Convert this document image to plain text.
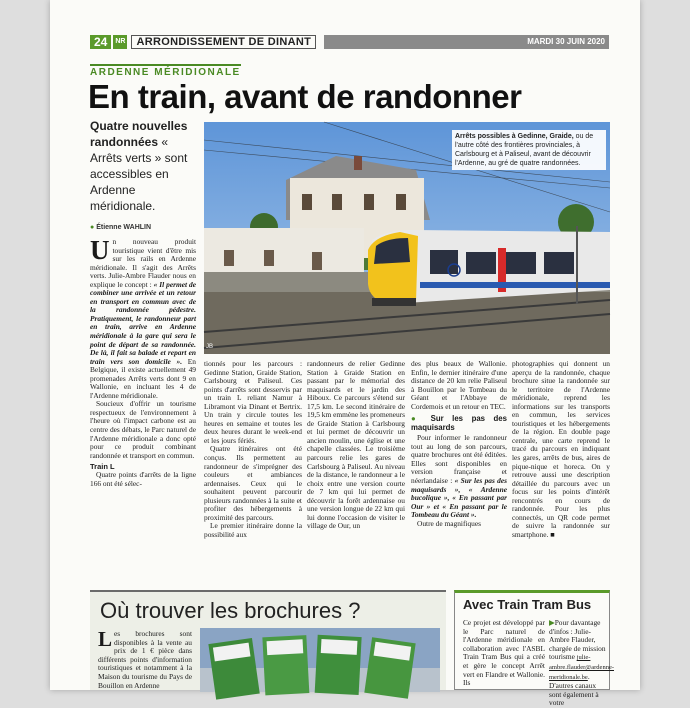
24	NR	ARRONDISSEMENT DE DINANT	MARDI 30 JUIN 2020
ARDENNE MÉRIDIONALE
En train, avant de randonner
Quatre nouvelles randonnées « Arrêts verts » sont accessibles en Ardenne méridionale.
● Étienne WAHLIN
Arrêts possibles à Gedinne, Graide, ou de l'autre côté des frontières provinciales, à Carlsbourg et à Paliseul, avant de découvrir l'Ardenne, au gré de quatre randonnées.
JB

Un nouveau produit touristique vient d'être mis sur les rails en Ardenne méridionale. Il s'agit des Arrêts verts. Julie-Ambre Flauder nous en explique le concept : « Il permet de combiner une arrivée et un retour en transport en commun avec de la randonnée pédestre. Pratiquement, le randonneur part en train, arrive en Ardenne méridionale à la gare qui sera le point de départ de sa randonnée. De là, il fait sa balade et repart en train vers son domicile ». En Belgique, il existe actuellement 49 promenades Arrêts verts dont 9 en Wallonie, en incluant les 4 de l'Ardenne méridionale.

Soucieux d'offrir un tourisme respectueux de l'environnement à l'heure où l'impact carbone est au centre des débats, le Parc naturel de l'Ardenne méridionale a donc opté pour ce produit combinant randonnée et transport en commun.

Train L

Quatre points d'arrêts de la ligne 166 ont été sélec-

tionnés pour les parcours : Gedinne Station, Graide Station, Carlsbourg et Paliseul. Ces points d'arrêts sont desservis par un train L reliant Namur à Libramont via Dinant et Bertrix. Un train y circule toutes les heures en semaine et toutes les deux heures durant le week-end et les jours fériés.

Quatre itinéraires ont été conçus. Ils permettent au randonneur de s'imprégner des couleurs et ambiances ardennaises. Ceux qui le souhaitent peuvent parcourir plusieurs randonnées à la suite et profiter des hébergements à proximité des parcours.

Le premier itinéraire donne la possibilité aux

randonneurs de relier Gedinne Station à Graide Station en passant par le mémorial des maquisards et le jardin des Hiboux. Ce parcours s'étend sur 17,5 km. Le second itinéraire de 19,5 km emmène les promeneurs de Graide Station à Carlsbourg et lui permet de découvrir un ancien moulin, une église et une chapelle classées. Le troisième parcours relie les gares de Carlsbourg à Paliseul. Au niveau de la distance, le randonneur a le choix entre une version courte de 7 km qui lui permet de découvrir la forêt ardennaise ou une version longue de 22 km qui lui donne l'occasion de visiter le village de Our, un

des plus beaux de Wallonie. Enfin, le dernier itinéraire d'une distance de 20 km relie Paliseul à Bouillon par le Tombeau du Géant et l'Abbaye de Cordemois et un retour en TEC.

● Sur les pas des maquisards

Pour informer le randonneur tout au long de son parcours, quatre brochures ont été éditées. Elles sont disponibles en version française et néerlandaise : « Sur les pas des maquisards », « Ardenne bucolique », « En passant par Our » et « En passant par le Tombeau du Géant ».

Outre de magnifiques

photographies qui donnent un aperçu de la randonnée, chaque brochure situe la randonnée sur le territoire de l'Ardenne méridionale, reprend les informations sur les transports en commun, les services touristiques et les hébergements de la région. En double page centrale, une carte reprend le tracé du parcours en indiquant les gares, arrêts de bus, aires de pique-nique et horeca. On y retrouve aussi une description détaillée du parcours avec un focus sur les points d'intérêt rencontrés en cours de randonnée. Pour les plus connectés, un QR code permet de suivre la randonnée sur smartphone. ■

Où trouver les brochures ?
Les brochures sont disponibles à la vente au prix de 1 € pièce dans différents points d'information touristiques et notamment à la Maison du tourisme du Pays de Bouillon en Ardenne
Avec Train Tram Bus
Ce projet est développé par le Parc naturel de l'Ardenne méridionale en collaboration avec l'ASBL Train Tram Bus qui a créé et gère le concept Arrêt vert en Flandre et Wallonie. Ils
▶Pour davantage d'infos : Julie-Ambre Flauder, chargée de mission tourisme julie-ambre.flauder@ardenne-meridionale.be. D'autres canaux sont également à votre
